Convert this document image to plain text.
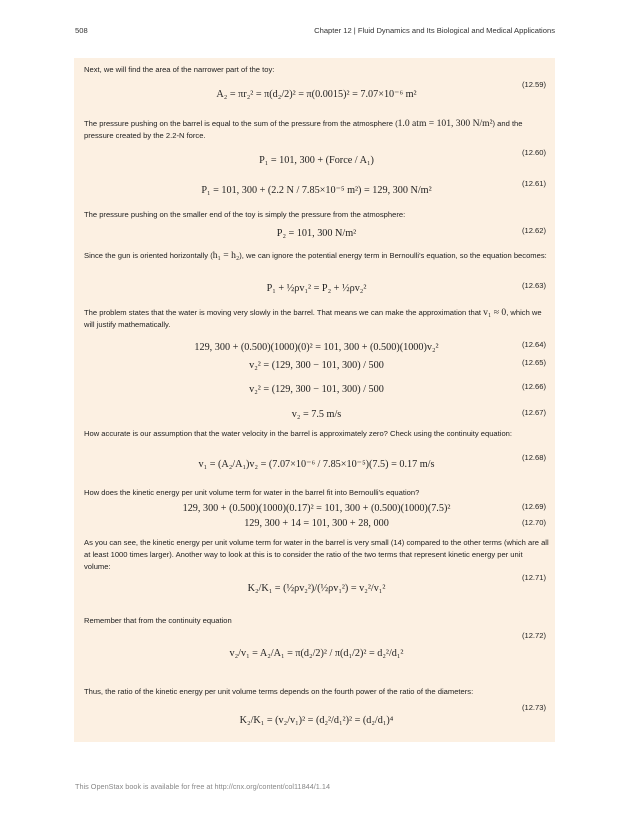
508	Chapter 12 | Fluid Dynamics and Its Biological and Medical Applications
Next, we will find the area of the narrower part of the toy:
A₂ = πr₂² = π(d₂/2)² = π(0.0015)² = 7.07×10⁻⁶ m²
(12.59)
The pressure pushing on the barrel is equal to the sum of the pressure from the atmosphere (1.0 atm = 101, 300 N/m²) and the pressure created by the 2.2-N force.
P₁ = 101, 300 + (Force / A₁)
(12.60)
P₁ = 101, 300 + (2.2 N / 7.85×10⁻⁵ m²) = 129, 300 N/m²
(12.61)
The pressure pushing on the smaller end of the toy is simply the pressure from the atmosphere:
P₂ = 101, 300 N/m²	(12.62)
Since the gun is oriented horizontally (h₁ = h₂), we can ignore the potential energy term in Bernoulli's equation, so the equation becomes:
P₁ + ½ρv₁² = P₂ + ½ρv₂²	(12.63)
The problem states that the water is moving very slowly in the barrel. That means we can make the approximation that v₁ ≈ 0, which we will justify mathematically.
129, 300 + (0.500)(1000)(0)² = 101, 300 + (0.500)(1000)v₂²	(12.64)
v₂² = (129, 300 − 101, 300) / 500	(12.65)
v₂² = (129, 300 − 101, 300) / 500	(12.66)
v₂ = 7.5 m/s	(12.67)
How accurate is our assumption that the water velocity in the barrel is approximately zero? Check using the continuity equation:
v₁ = (A₂/A₁)v₂ = (7.07×10⁻⁶ / 7.85×10⁻⁵)(7.5) = 0.17 m/s
(12.68)
How does the kinetic energy per unit volume term for water in the barrel fit into Bernoulli's equation?
129, 300 + (0.500)(1000)(0.17)² = 101, 300 + (0.500)(1000)(7.5)²	(12.69)
129, 300 + 14 = 101, 300 + 28, 000	(12.70)
As you can see, the kinetic energy per unit volume term for water in the barrel is very small (14) compared to the other terms (which are all at least 1000 times larger). Another way to look at this is to consider the ratio of the two terms that represent kinetic energy per unit volume:
K₂/K₁ = (½ρv₂²)/(½ρv₁²) = v₂²/v₁²
(12.71)
Remember that from the continuity equation
v₂/v₁ = A₂/A₁ = π(d₂/2)² / π(d₁/2)² = d₂²/d₁²
(12.72)
Thus, the ratio of the kinetic energy per unit volume terms depends on the fourth power of the ratio of the diameters:
K₂/K₁ = (v₂/v₁)² = (d₂²/d₁²)² = (d₂/d₁)⁴
(12.73)
This OpenStax book is available for free at http://cnx.org/content/col11844/1.14
